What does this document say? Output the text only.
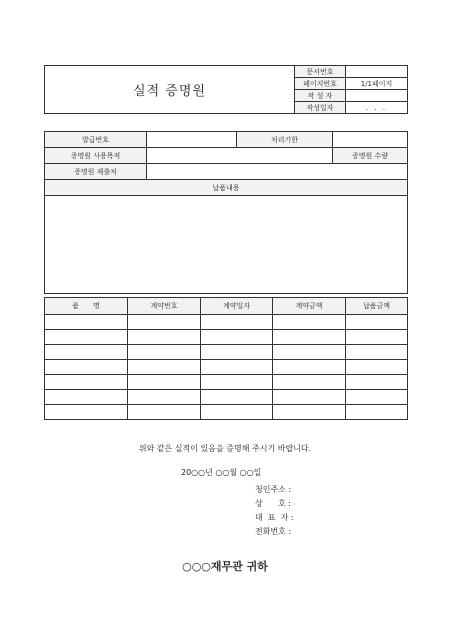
실적 증명원	문서번호	
	페이지번호	1/1페이지
	작 성 자	
	작성일자	. . .
발급번호		처리기한	
증명원 사용목적			증명원 수량
증명원 제출처			
납품내용			

품　　명	계약번호	계약일자	계약금액	납품금액

위와 같은 실적이 있음을 증명해 주시기 바랍니다.
20○○년 ○○월 ○○일
청인주소 :
상      호 :
대  표  자 :
전화번호 :
○○○재무관 귀하
